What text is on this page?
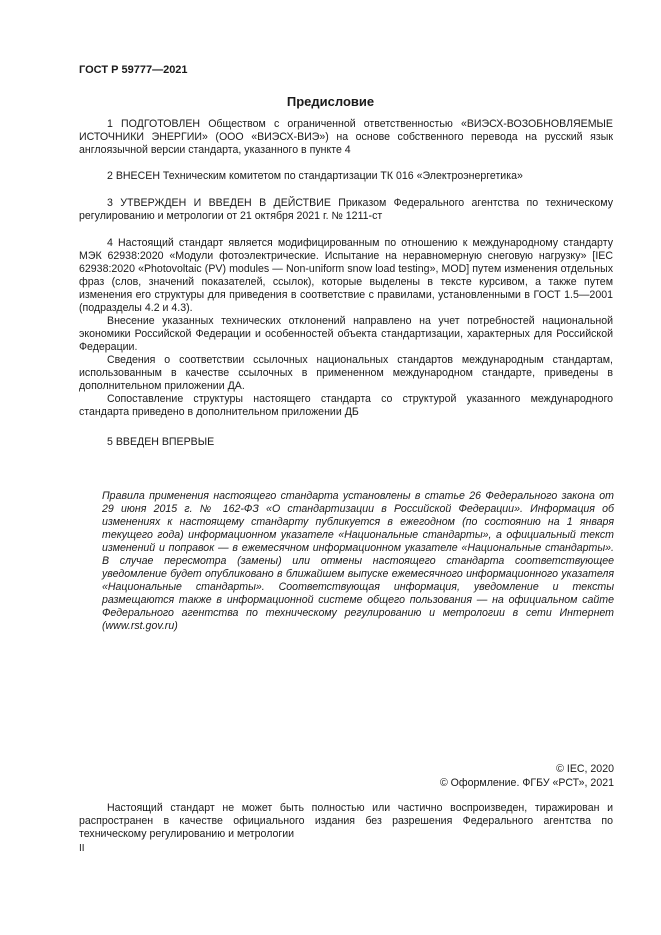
ГОСТ Р 59777—2021
Предисловие

1 ПОДГОТОВЛЕН Обществом с ограниченной ответственностью «ВИЭСХ-ВОЗОБНОВЛЯЕМЫЕ ИСТОЧНИКИ ЭНЕРГИИ» (ООО «ВИЭСХ-ВИЭ») на основе собственного перевода на русский язык англоязычной версии стандарта, указанного в пункте 4

2 ВНЕСЕН Техническим комитетом по стандартизации ТК 016 «Электроэнергетика»

3 УТВЕРЖДЕН И ВВЕДЕН В ДЕЙСТВИЕ Приказом Федерального агентства по техническому регулированию и метрологии от 21 октября 2021 г. № 1211-ст

4 Настоящий стандарт является модифицированным по отношению к международному стандарту МЭК 62938:2020 «Модули фотоэлектрические. Испытание на неравномерную снеговую нагрузку» [IEC 62938:2020 «Photovoltaic (PV) modules — Non-uniform snow load testing», MOD] путем изменения отдельных фраз (слов, значений показателей, ссылок), которые выделены в тексте курсивом, а также путем изменения его структуры для приведения в соответствие с правилами, установленными в ГОСТ 1.5—2001 (подразделы 4.2 и 4.3).

Внесение указанных технических отклонений направлено на учет потребностей национальной экономики Российской Федерации и особенностей объекта стандартизации, характерных для Российской Федерации.

Сведения о соответствии ссылочных национальных стандартов международным стандартам, использованным в качестве ссылочных в примененном международном стандарте, приведены в дополнительном приложении ДА.

Сопоставление структуры настоящего стандарта со структурой указанного международного стандарта приведено в дополнительном приложении ДБ

5 ВВЕДЕН ВПЕРВЫЕ

Правила применения настоящего стандарта установлены в статье 26 Федерального закона от 29 июня 2015 г. № 162-ФЗ «О стандартизации в Российской Федерации». Информация об изменениях к настоящему стандарту публикуется в ежегодном (по состоянию на 1 января текущего года) информационном указателе «Национальные стандарты», а официальный текст изменений и поправок — в ежемесячном информационном указателе «Национальные стандарты». В случае пересмотра (замены) или отмены настоящего стандарта соответствующее уведомление будет опубликовано в ближайшем выпуске ежемесячного информационного указателя «Национальные стандарты». Соответствующая информация, уведомление и тексты размещаются также в информационной системе общего пользования — на официальном сайте Федерального агентства по техническому регулированию и метрологии в сети Интернет (www.rst.gov.ru)

© IEC, 2020
© Оформление. ФГБУ «РСТ», 2021

Настоящий стандарт не может быть полностью или частично воспроизведен, тиражирован и распространен в качестве официального издания без разрешения Федерального агентства по техническому регулированию и метрологии

II
